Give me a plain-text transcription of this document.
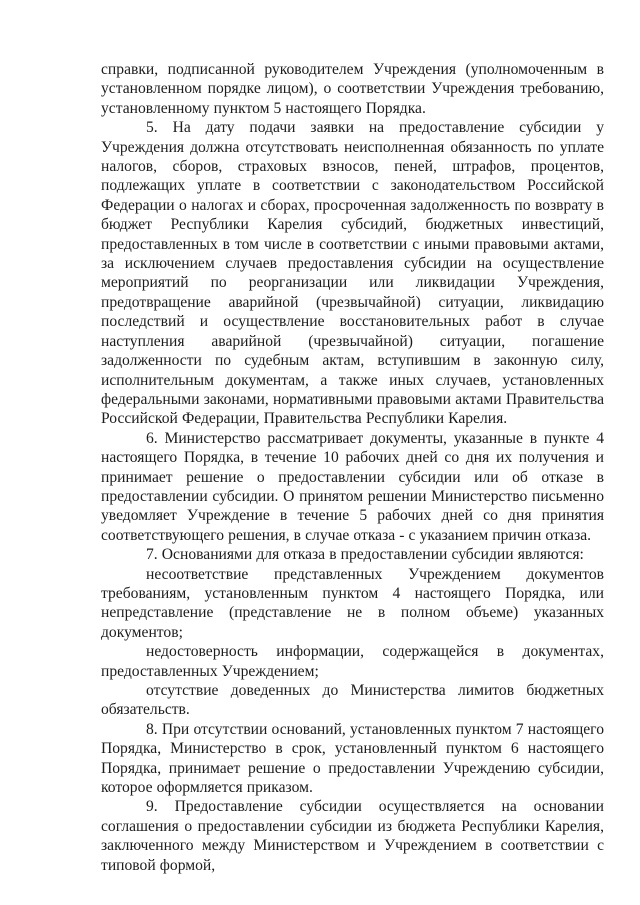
справки, подписанной руководителем Учреждения (уполномоченным в установленном порядке лицом), о соответствии Учреждения требованию, установленному пунктом 5 настоящего Порядка.

5. На дату подачи заявки на предоставление субсидии у Учреждения должна отсутствовать неисполненная обязанность по уплате налогов, сборов, страховых взносов, пеней, штрафов, процентов, подлежащих уплате в соответствии с законодательством Российской Федерации о налогах и сборах, просроченная задолженность по возврату в бюджет Республики Карелия субсидий, бюджетных инвестиций, предоставленных в том числе в соответствии с иными правовыми актами, за исключением случаев предоставления субсидии на осуществление мероприятий по реорганизации или ликвидации Учреждения, предотвращение аварийной (чрезвычайной) ситуации, ликвидацию последствий и осуществление восстановительных работ в случае наступления аварийной (чрезвычайной) ситуации, погашение задолженности по судебным актам, вступившим в законную силу, исполнительным документам, а также иных случаев, установленных федеральными законами, нормативными правовыми актами Правительства Российской Федерации, Правительства Республики Карелия.

6. Министерство рассматривает документы, указанные в пункте 4 настоящего Порядка, в течение 10 рабочих дней со дня их получения и принимает решение о предоставлении субсидии или об отказе в предоставлении субсидии. О принятом решении Министерство письменно уведомляет Учреждение в течение 5 рабочих дней со дня принятия соответствующего решения, в случае отказа - с указанием причин отказа.

7. Основаниями для отказа в предоставлении субсидии являются:

несоответствие представленных Учреждением документов требованиям, установленным пунктом 4 настоящего Порядка, или непредставление (представление не в полном объеме) указанных документов;

недостоверность информации, содержащейся в документах, предоставленных Учреждением;

отсутствие доведенных до Министерства лимитов бюджетных обязательств.

8. При отсутствии оснований, установленных пунктом 7 настоящего Порядка, Министерство в срок, установленный пунктом 6 настоящего Порядка, принимает решение о предоставлении Учреждению субсидии, которое оформляется приказом.

9. Предоставление субсидии осуществляется на основании соглашения о предоставлении субсидии из бюджета Республики Карелия, заключенного между Министерством и Учреждением в соответствии с типовой формой,
